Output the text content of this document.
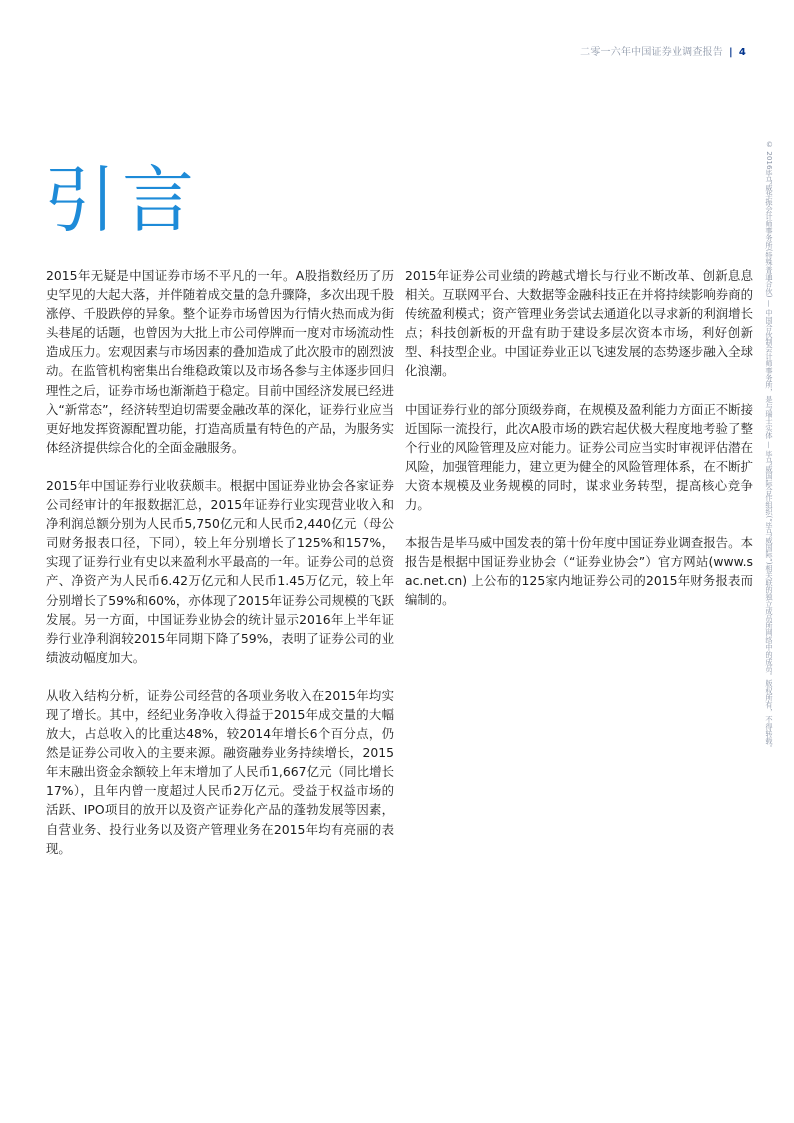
二零一六年中国证券业调查报告 | 4
引言

2015年无疑是中国证券市场不平凡的一年。A股指数经历了历史罕见的大起大落，并伴随着成交量的急升骤降，多次出现千股涨停、千股跌停的异象。整个证券市场曾因为行情火热而成为街头巷尾的话题，也曾因为大批上市公司停牌而一度对市场流动性造成压力。宏观因素与市场因素的叠加造成了此次股市的剧烈波动。在监管机构密集出台维稳政策以及市场各参与主体逐步回归理性之后，证券市场也渐渐趋于稳定。目前中国经济发展已经进入“新常态”，经济转型迫切需要金融改革的深化，证券行业应当更好地发挥资源配置功能，打造高质量有特色的产品，为服务实体经济提供综合化的全面金融服务。

2015年中国证券行业收获颇丰。根据中国证券业协会各家证券公司经审计的年报数据汇总，2015年证券行业实现营业收入和净利润总额分别为人民币5,750亿元和人民币2,440亿元（母公司财务报表口径，下同），较上年分别增长了125%和157%，实现了证券行业有史以来盈利水平最高的一年。证券公司的总资产、净资产为人民币6.42万亿元和人民币1.45万亿元，较上年分别增长了59%和60%，亦体现了2015年证券公司规模的飞跃发展。另一方面，中国证券业协会的统计显示2016年上半年证券行业净利润较2015年同期下降了59%，表明了证券公司的业绩波动幅度加大。

从收入结构分析，证券公司经营的各项业务收入在2015年均实现了增长。其中，经纪业务净收入得益于2015年成交量的大幅放大，占总收入的比重达48%，较2014年增长6个百分点，仍然是证券公司收入的主要来源。融资融券业务持续增长，2015年末融出资金余额较上年末增加了人民币1,667亿元（同比增长17%），且年内曾一度超过人民币2万亿元。受益于权益市场的活跃、IPO项目的放开以及资产证券化产品的蓬勃发展等因素，自营业务、投行业务以及资产管理业务在2015年均有亮丽的表现。

2015年证券公司业绩的跨越式增长与行业不断改革、创新息息相关。互联网平台、大数据等金融科技正在并将持续影响券商的传统盈利模式；资产管理业务尝试去通道化以寻求新的利润增长点；科技创新板的开盘有助于建设多层次资本市场，利好创新型、科技型企业。中国证券业正以飞速发展的态势逐步融入全球化浪潮。

中国证券行业的部分顶级券商，在规模及盈利能力方面正不断接近国际一流投行，此次A股市场的跌宕起伏极大程度地考验了整个行业的风险管理及应对能力。证券公司应当实时审视评估潜在风险，加强管理能力，建立更为健全的风险管理体系，在不断扩大资本规模及业务规模的同时，谋求业务转型，提高核心竞争力。

本报告是毕马威中国发表的第十份年度中国证券业调查报告。本报告是根据中国证券业协会（“证券业协会”）官方网站(www.sac.net.cn) 上公布的125家内地证券公司的2015年财务报表而编制的。	© 2016毕马威华振会计师事务所(特殊普通合伙) — 中国合伙制会计师事务所，是与瑞士实体 — 毕马威国际合作组织(“毕马威国际”)相关联的独立成员所网络中的成员。版权所有，不得转载。
